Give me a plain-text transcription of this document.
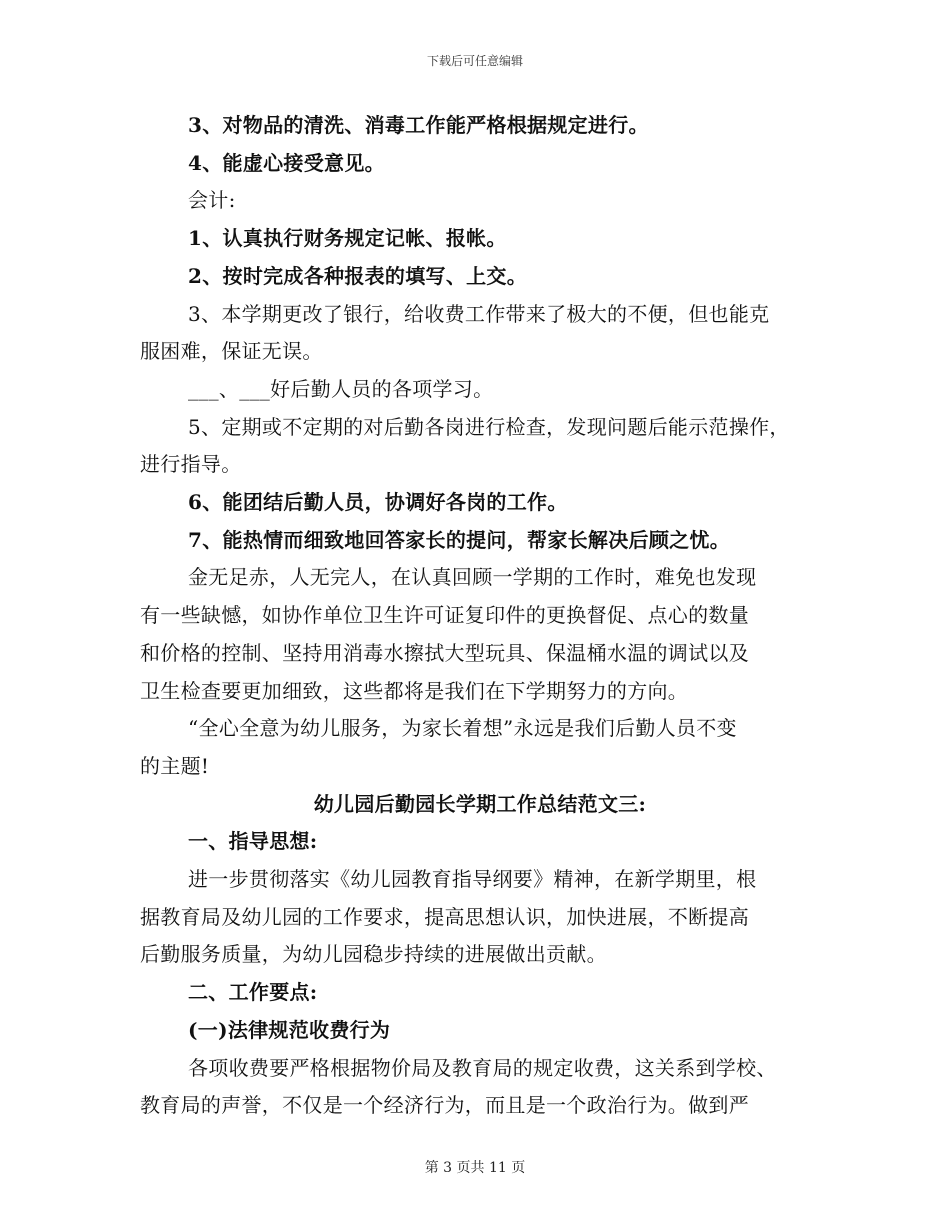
下载后可任意编辑
3、对物品的清洗、消毒工作能严格根据规定进行。
4、能虚心接受意见。
会计:
1、认真执行财务规定记帐、报帐。
2、按时完成各种报表的填写、上交。
3、本学期更改了银行，给收费工作带来了极大的不便，但也能克
服困难，保证无误。
___、___好后勤人员的各项学习。
5、定期或不定期的对后勤各岗进行检查，发现问题后能示范操作，
进行指导。
6、能团结后勤人员，协调好各岗的工作。
7、能热情而细致地回答家长的提问，帮家长解决后顾之忧。
金无足赤，人无完人，在认真回顾一学期的工作时，难免也发现
有一些缺憾，如协作单位卫生许可证复印件的更换督促、点心的数量
和价格的控制、坚持用消毒水擦拭大型玩具、保温桶水温的调试以及
卫生检查要更加细致，这些都将是我们在下学期努力的方向。
“全心全意为幼儿服务，为家长着想”永远是我们后勤人员不变
的主题!
幼儿园后勤园长学期工作总结范文三:
一、指导思想:
进一步贯彻落实《幼儿园教育指导纲要》精神，在新学期里，根
据教育局及幼儿园的工作要求，提高思想认识，加快进展，不断提高
后勤服务质量，为幼儿园稳步持续的进展做出贡献。
二、工作要点:
(一)法律规范收费行为
各项收费要严格根据物价局及教育局的规定收费，这关系到学校、
教育局的声誉，不仅是一个经济行为，而且是一个政治行为。做到严
第 3 页共 11 页
